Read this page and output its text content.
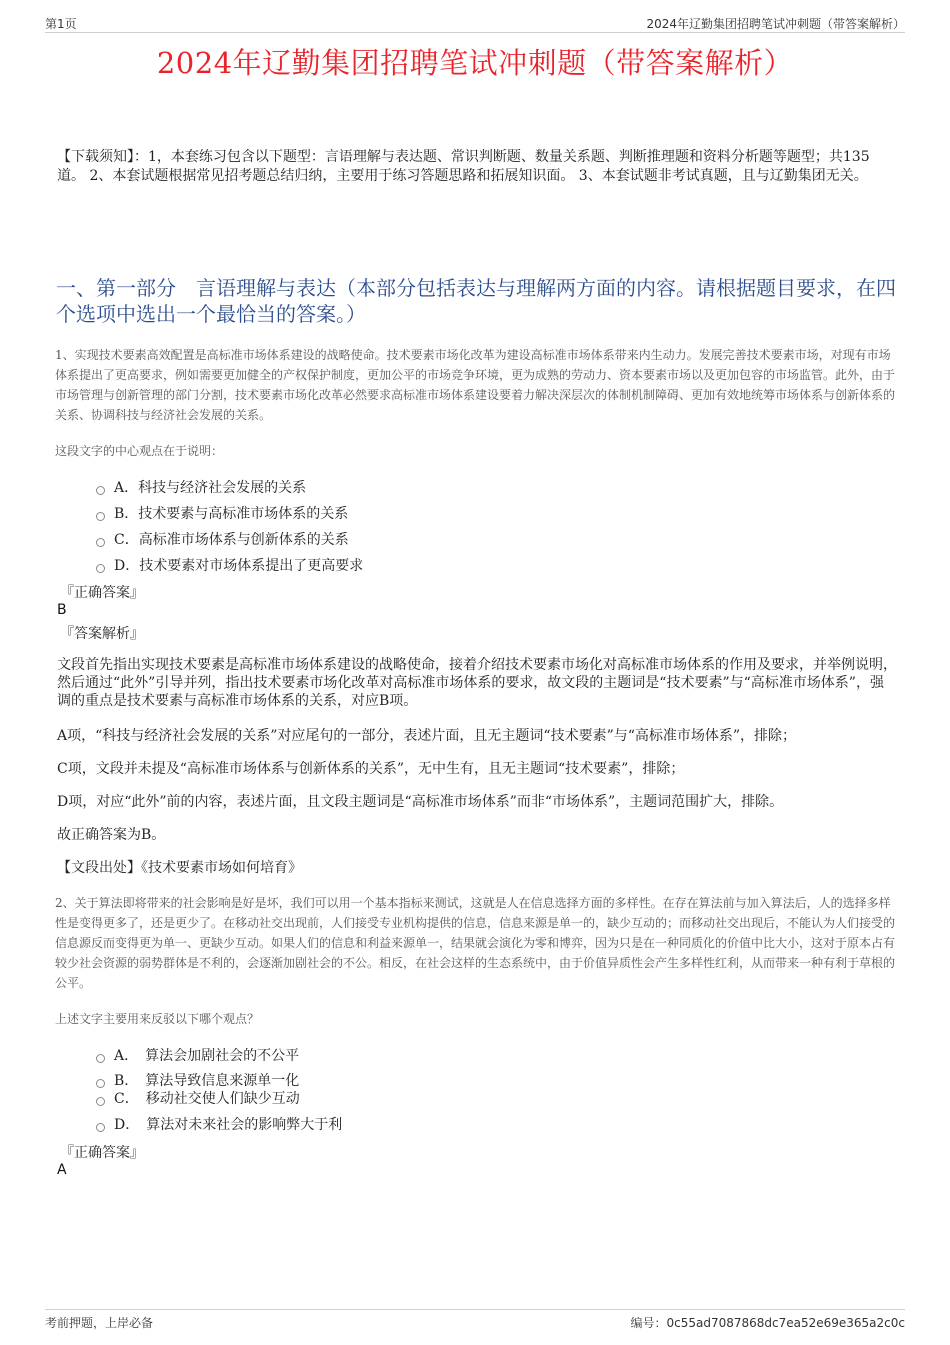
第1页	2024年辽勤集团招聘笔试冲刺题（带答案解析）
2024年辽勤集团招聘笔试冲刺题（带答案解析）
【下载须知】：1，本套练习包含以下题型：言语理解与表达题、常识判断题、数量关系题、判断推理题和资料分析题等题型；共135道。 2、本套试题根据常见招考题总结归纳，主要用于练习答题思路和拓展知识面。 3、本套试题非考试真题，且与辽勤集团无关。
一、第一部分　言语理解与表达（本部分包括表达与理解两方面的内容。请根据题目要求，在四个选项中选出一个最恰当的答案。）
1、实现技术要素高效配置是高标准市场体系建设的战略使命。技术要素市场化改革为建设高标准市场体系带来内生动力。发展完善技术要素市场，对现有市场体系提出了更高要求，例如需要更加健全的产权保护制度，更加公平的市场竞争环境，更为成熟的劳动力、资本要素市场以及更加包容的市场监管。此外，由于市场管理与创新管理的部门分割，技术要素市场化改革必然要求高标准市场体系建设要着力解决深层次的体制机制障碍、更加有效地统筹市场体系与创新体系的关系、协调科技与经济社会发展的关系。
这段文字的中心观点在于说明：
A．科技与经济社会发展的关系
B．技术要素与高标准市场体系的关系
C．高标准市场体系与创新体系的关系
D．技术要素对市场体系提出了更高要求
『正确答案』
B
『答案解析』
文段首先指出实现技术要素是高标准市场体系建设的战略使命，接着介绍技术要素市场化对高标准市场体系的作用及要求，并举例说明，然后通过“此外”引导并列，指出技术要素市场化改革对高标准市场体系的要求，故文段的主题词是“技术要素”与“高标准市场体系”，强调的重点是技术要素与高标准市场体系的关系，对应B项。
A项，“科技与经济社会发展的关系”对应尾句的一部分，表述片面，且无主题词“技术要素”与“高标准市场体系”，排除；
C项，文段并未提及“高标准市场体系与创新体系的关系”，无中生有，且无主题词“技术要素”，排除；
D项，对应“此外”前的内容，表述片面，且文段主题词是“高标准市场体系”而非“市场体系”，主题词范围扩大，排除。
故正确答案为B。
【文段出处】《技术要素市场如何培育》
2、关于算法即将带来的社会影响是好是坏，我们可以用一个基本指标来测试，这就是人在信息选择方面的多样性。在存在算法前与加入算法后，人的选择多样性是变得更多了，还是更少了。在移动社交出现前，人们接受专业机构提供的信息，信息来源是单一的，缺少互动的；而移动社交出现后，不能认为人们接受的信息源反而变得更为单一、更缺少互动。如果人们的信息和利益来源单一，结果就会演化为零和博弈，因为只是在一种同质化的价值中比大小，这对于原本占有较少社会资源的弱势群体是不利的，会逐渐加剧社会的不公。相反，在社会这样的生态系统中，由于价值异质性会产生多样性红利，从而带来一种有利于草根的公平。
上述文字主要用来反驳以下哪个观点？
A．　算法会加剧社会的不公平
B．　算法导致信息来源单一化
C．　移动社交使人们缺少互动
D．　算法对未来社会的影响弊大于利
『正确答案』
A
考前押题，上岸必备	编号：0c55ad7087868dc7ea52e69e365a2c0c
